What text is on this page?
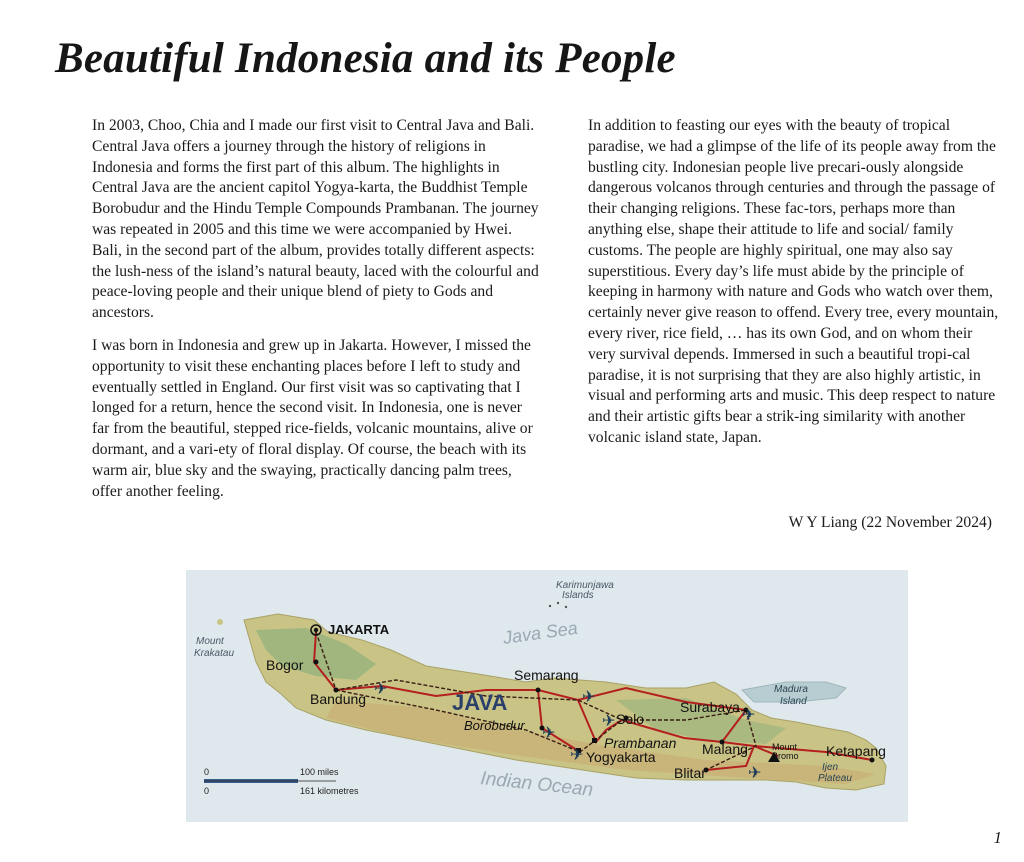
Beautiful Indonesia and its People

In 2003, Choo, Chia and I made our first visit to Central Java and Bali. Central Java offers a journey through the history of religions in Indonesia and forms the first part of this album. The highlights in Central Java are the ancient capitol Yogya-karta, the Buddhist Temple Borobudur and the Hindu Temple Compounds Prambanan. The journey was repeated in 2005 and this time we were accompanied by Hwei. Bali, in the second part of the album, provides totally different aspects: the lush-ness of the island’s natural beauty, laced with the colourful and peace-loving people and their unique blend of piety to Gods and ancestors.

I was born in Indonesia and grew up in Jakarta. However, I missed the opportunity to visit these enchanting places before I left to study and eventually settled in England. Our first visit was so captivating that I longed for a return, hence the second visit. In Indonesia, one is never far from the beautiful, stepped rice-fields, volcanic mountains, alive or dormant, and a vari-ety of floral display. Of course, the beach with its warm air, blue sky and the swaying, practically dancing palm trees, offer another feeling.

In addition to feasting our eyes with the beauty of tropical paradise, we had a glimpse of the life of its people away from the bustling city. Indonesian people live precari-ously alongside dangerous volcanos through centuries and through the passage of their changing religions. These fac-tors, perhaps more than anything else, shape their attitude to life and social/ family customs. The people are highly spiritual, one may also say superstitious. Every day’s life must abide by the principle of keeping in harmony with nature and Gods who watch over them, certainly never give reason to offend. Every tree, every mountain, every river, rice field, … has its own God, and on whom their very survival depends. Immersed in such a beautiful tropi-cal paradise, it is not surprising that they are also highly artistic, in visual and performing arts and music. This deep respect to nature and their artistic gifts bear a strik-ing similarity with another volcanic island state, Japan.

W Y Liang (22 November 2024)
✈	✈
✈
✈
✈
✈
✈
Karimunjawa
Islands
Java Sea
Mount
Krakatau
JAKARTA
Bogor
Bandung
Semarang
JAVA
Borobudur	Solo
Prambanan
Yogyakarta
Surabaya
Madura
Island
Malang	Mount
Bromo Ketapang
Ijen
Plateau
Blitar
Indian Ocean
0	100 miles
0	161 kilometres
1
